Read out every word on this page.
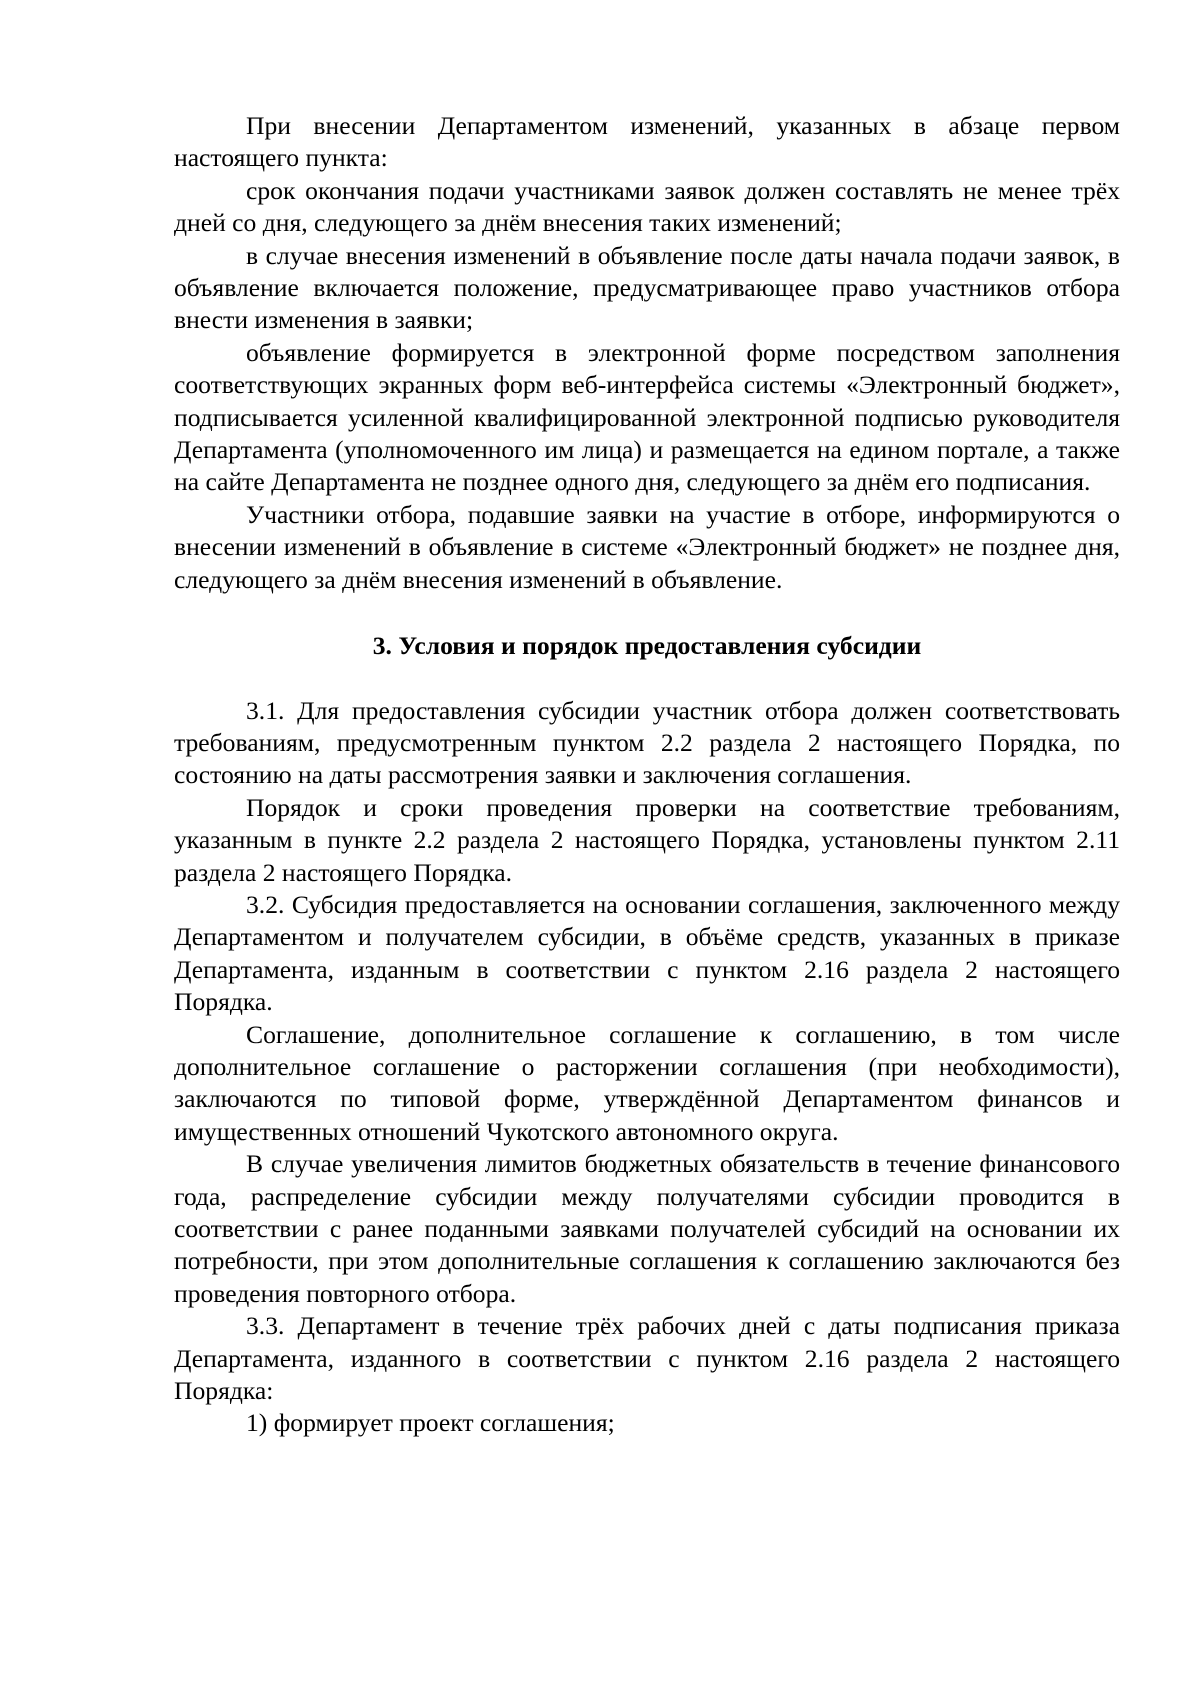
При внесении Департаментом изменений, указанных в абзаце первом настоящего пункта:

срок окончания подачи участниками заявок должен составлять не менее трёх дней со дня, следующего за днём внесения таких изменений;

в случае внесения изменений в объявление после даты начала подачи заявок, в объявление включается положение, предусматривающее право участников отбора внести изменения в заявки;

объявление формируется в электронной форме посредством заполнения соответствующих экранных форм веб-интерфейса системы «Электронный бюджет», подписывается усиленной квалифицированной электронной подписью руководителя Департамента (уполномоченного им лица) и размещается на едином портале, а также на сайте Департамента не позднее одного дня, следующего за днём его подписания.

Участники отбора, подавшие заявки на участие в отборе, информируются о внесении изменений в объявление в системе «Электронный бюджет» не позднее дня, следующего за днём внесения изменений в объявление.

3. Условия и порядок предоставления субсидии

3.1. Для предоставления субсидии участник отбора должен соответствовать требованиям, предусмотренным пунктом 2.2 раздела 2 настоящего Порядка, по состоянию на даты рассмотрения заявки и заключения соглашения.

Порядок и сроки проведения проверки на соответствие требованиям, указанным в пункте 2.2 раздела 2 настоящего Порядка, установлены пунктом 2.11 раздела 2 настоящего Порядка.

3.2. Субсидия предоставляется на основании соглашения, заключенного между Департаментом и получателем субсидии, в объёме средств, указанных в приказе Департамента, изданным в соответствии с пунктом 2.16 раздела 2 настоящего Порядка.

Соглашение, дополнительное соглашение к соглашению, в том числе дополнительное соглашение о расторжении соглашения (при необходимости), заключаются по типовой форме, утверждённой Департаментом финансов и имущественных отношений Чукотского автономного округа.

В случае увеличения лимитов бюджетных обязательств в течение финансового года, распределение субсидии между получателями субсидии проводится в соответствии с ранее поданными заявками получателей субсидий на основании их потребности, при этом дополнительные соглашения к соглашению заключаются без проведения повторного отбора.

3.3. Департамент в течение трёх рабочих дней с даты подписания приказа Департамента, изданного в соответствии с пунктом 2.16 раздела 2 настоящего Порядка:

1) формирует проект соглашения;
